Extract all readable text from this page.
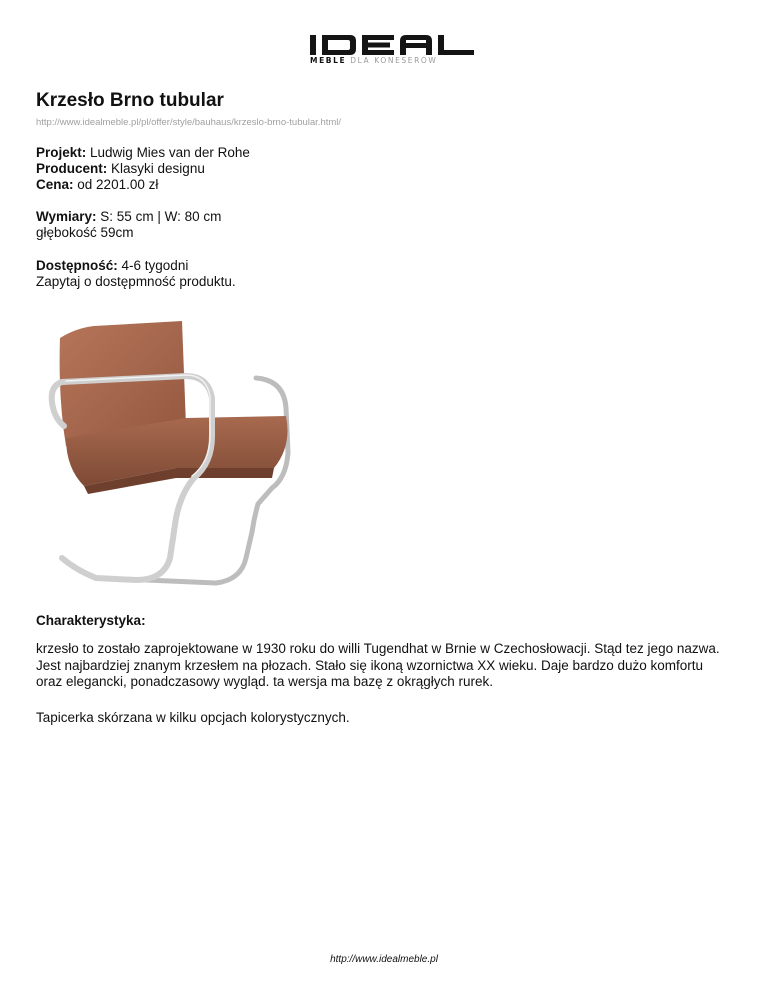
MEBLE DLA KONESERÓW
Krzesło Brno tubular
http://www.idealmeble.pl/pl/offer/style/bauhaus/krzeslo-brno-tubular.html/
Projekt: Ludwig Mies van der Rohe
Producent: Klasyki designu
Cena: od 2201.00 zł
Wymiary: S: 55 cm | W: 80 cm
głębokość 59cm
Dostępność: 4-6 tygodni
Zapytaj o dostępmność produktu.
Charakterystyka:

krzesło to zostało zaprojektowane w 1930 roku do willi Tugendhat w Brnie w Czechosłowacji. Stąd tez jego nazwa. Jest najbardziej znanym krzesłem na płozach. Stało się ikoną wzornictwa XX wieku. Daje bardzo dużo komfortu oraz elegancki, ponadczasowy wygląd. ta wersja ma bazę z okrągłych rurek.

Tapicerka skórzana w kilku opcjach kolorystycznych.
http://www.idealmeble.pl
